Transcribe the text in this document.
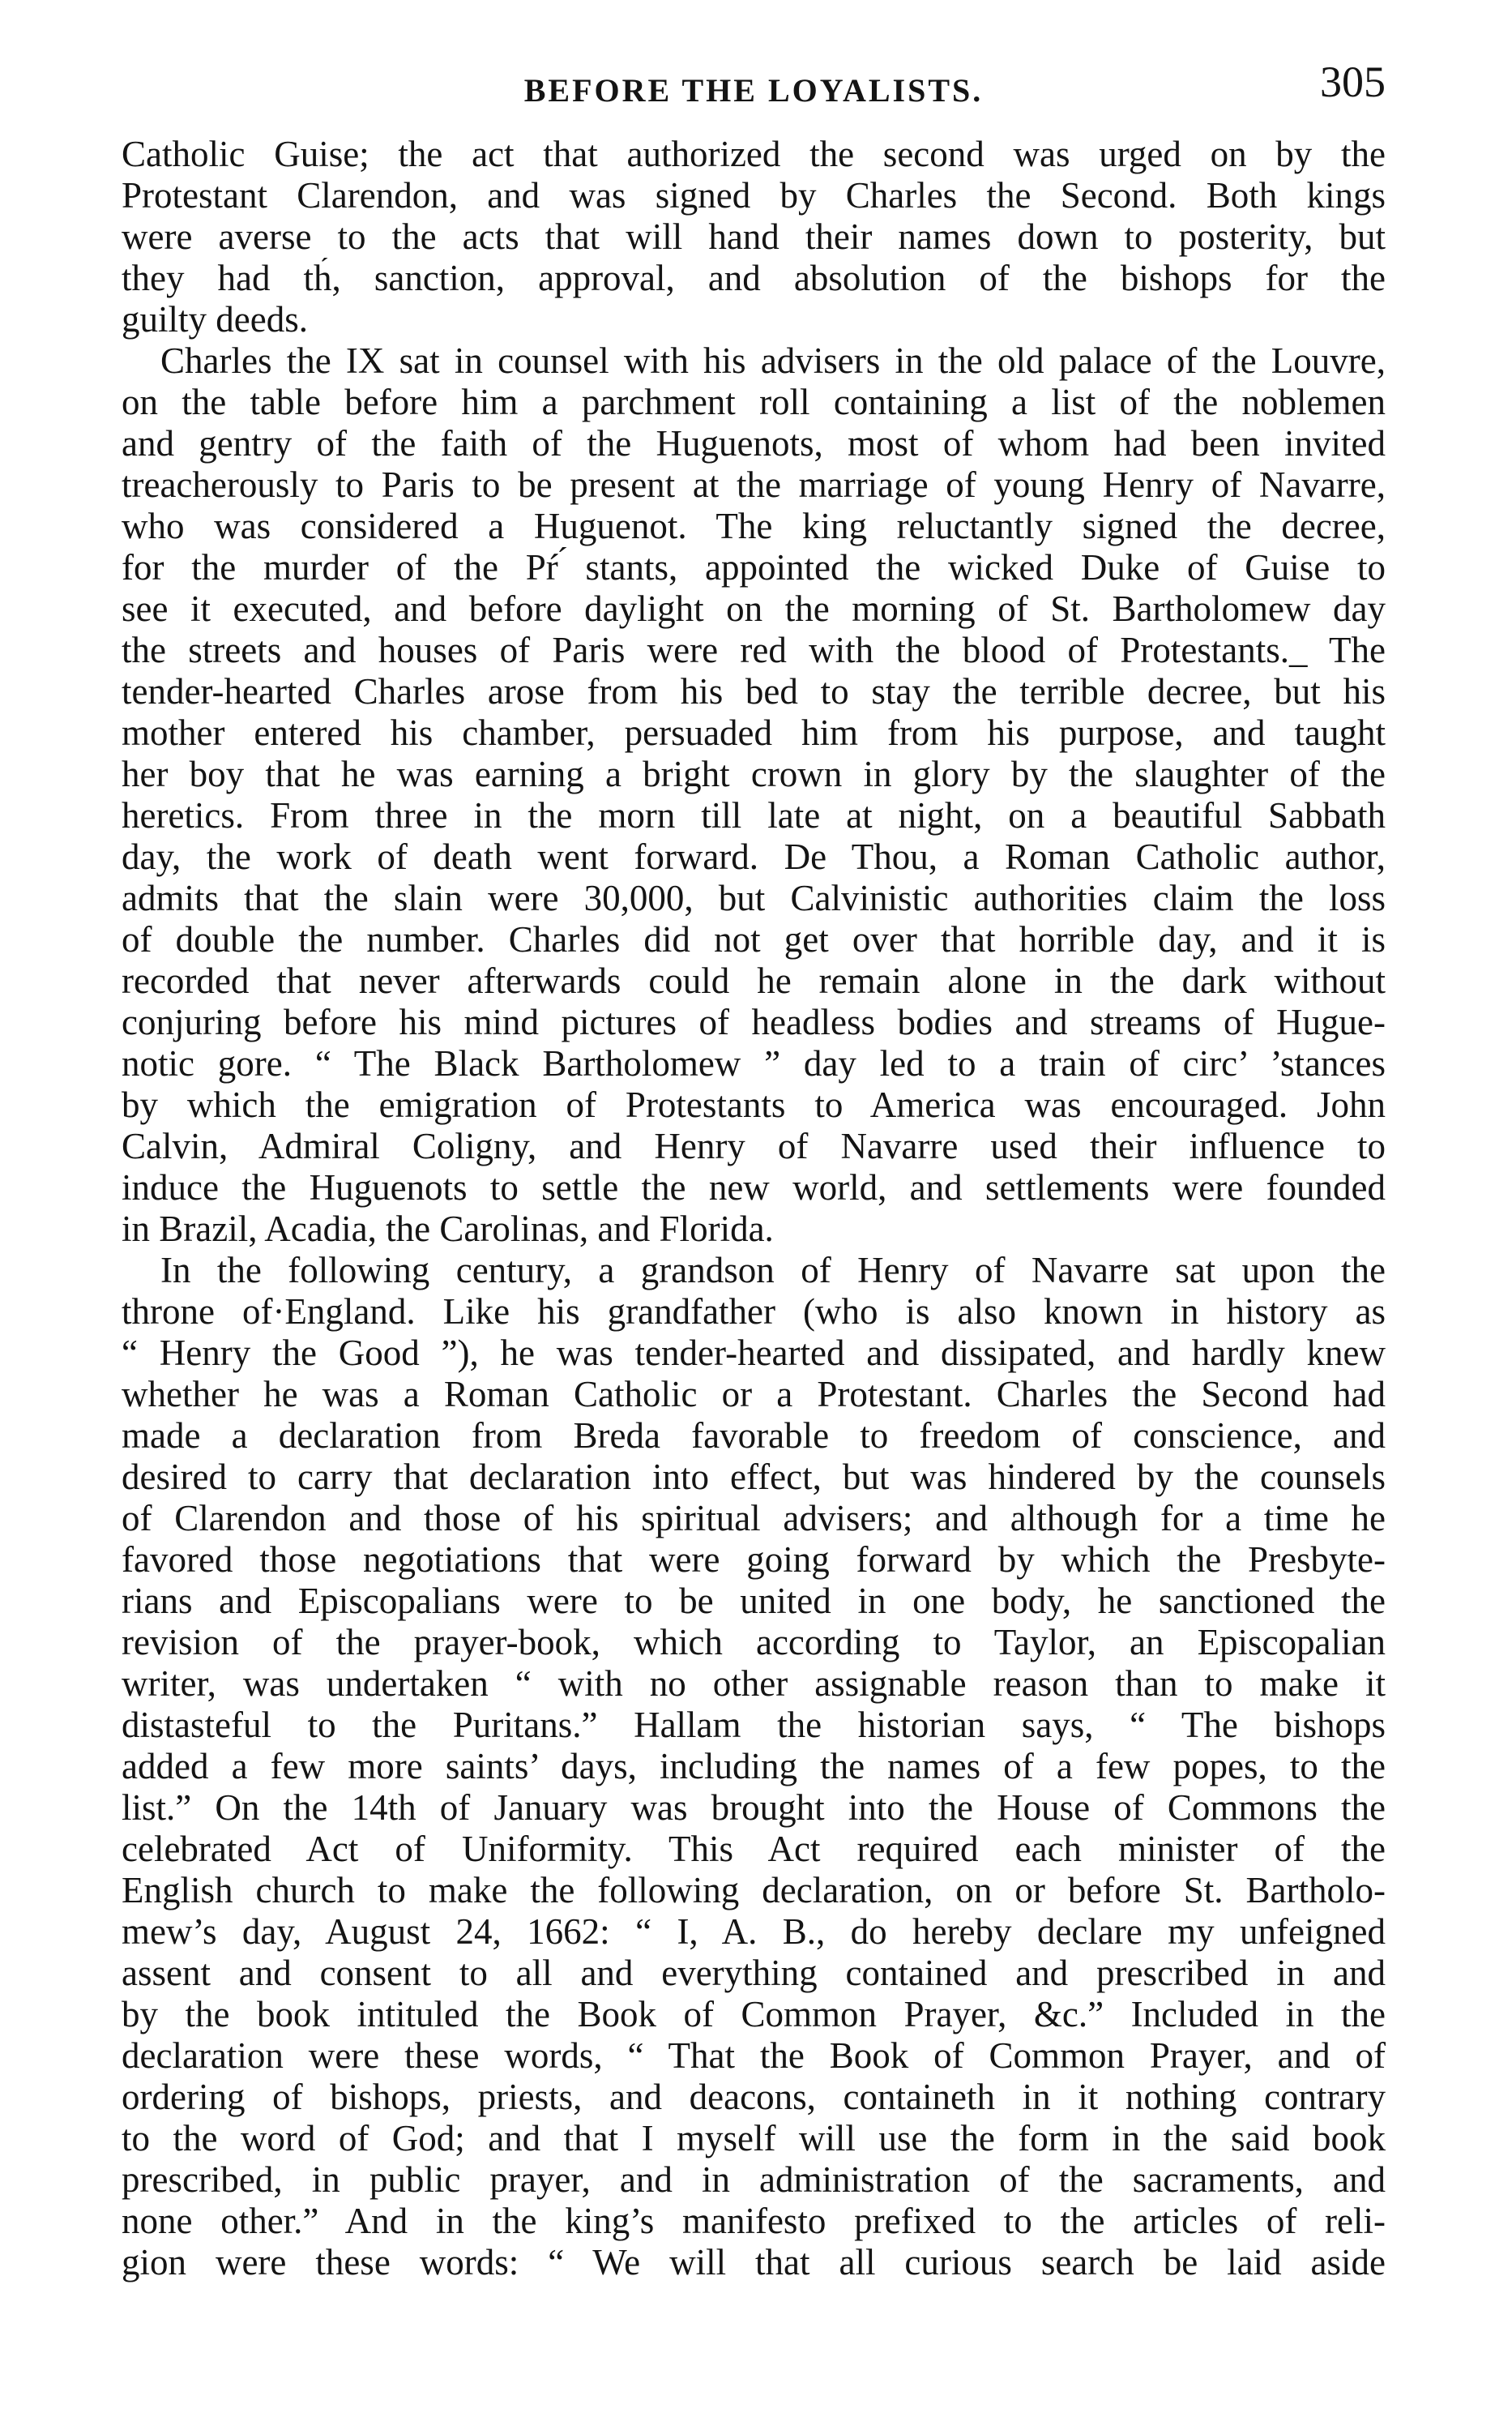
BEFORE THE LOYALISTS.	305
Catholic Guise; the act that authorized the second was urged on by the
Protestant Clarendon, and was signed by Charles the Second. Both kings
were averse to the acts that will hand their names down to posterity, but
they had th́, sanction, approval, and absolution of the bishops for the
guilty deeds.
Charles the IX sat in counsel with his advisers in the old palace of the Louvre,
on the table before him a parchment roll containing a list of the noblemen
and gentry of the faith of the Huguenots, most of whom had been invited
treacherously to Paris to be present at the marriage of young Henry of Navarre,
who was considered a Huguenot. The king reluctantly signed the decree,
for the murder of the Pŕ ́stants, appointed the wicked Duke of Guise to
see it executed, and before daylight on the morning of St. Bartholomew day
the streets and houses of Paris were red with the blood of Protestants._ The
tender-hearted Charles arose from his bed to stay the terrible decree, but his
mother entered his chamber, persuaded him from his purpose, and taught
her boy that he was earning a bright crown in glory by the slaughter of the
heretics. From three in the morn till late at night, on a beautiful Sabbath
day, the work of death went forward. De Thou, a Roman Catholic author,
admits that the slain were 30,000, but Calvinistic authorities claim the loss
of double the number. Charles did not get over that horrible day, and it is
recorded that never afterwards could he remain alone in the dark without
conjuring before his mind pictures of headless bodies and streams of Hugue-
notic gore. “ The Black Bartholomew ” day led to a train of circ’ ’stances
by which the emigration of Protestants to America was encouraged. John
Calvin, Admiral Coligny, and Henry of Navarre used their influence to
induce the Huguenots to settle the new world, and settlements were founded
in Brazil, Acadia, the Carolinas, and Florida.
In the following century, a grandson of Henry of Navarre sat upon the
throne of·England. Like his grandfather (who is also known in history as
“ Henry the Good ”), he was tender-hearted and dissipated, and hardly knew
whether he was a Roman Catholic or a Protestant. Charles the Second had
made a declaration from Breda favorable to freedom of conscience, and
desired to carry that declaration into effect, but was hindered by the counsels
of Clarendon and those of his spiritual advisers; and although for a time he
favored those negotiations that were going forward by which the Presbyte-
rians and Episcopalians were to be united in one body, he sanctioned the
revision of the prayer-book, which according to Taylor, an Episcopalian
writer, was undertaken “ with no other assignable reason than to make it
distasteful to the Puritans.” Hallam the historian says, “ The bishops
added a few more saints’ days, including the names of a few popes, to the
list.” On the 14th of January was brought into the House of Commons the
celebrated Act of Uniformity. This Act required each minister of the
English church to make the following declaration, on or before St. Bartholo-
mew’s day, August 24, 1662: “ I, A. B., do hereby declare my unfeigned
assent and consent to all and everything contained and prescribed in and
by the book intituled the Book of Common Prayer, &c.” Included in the
declaration were these words, “ That the Book of Common Prayer, and of
ordering of bishops, priests, and deacons, containeth in it nothing contrary
to the word of God; and that I myself will use the form in the said book
prescribed, in public prayer, and in administration of the sacraments, and
none other.” And in the king’s manifesto prefixed to the articles of reli-
gion were these words: “ We will that all curious search be laid aside
